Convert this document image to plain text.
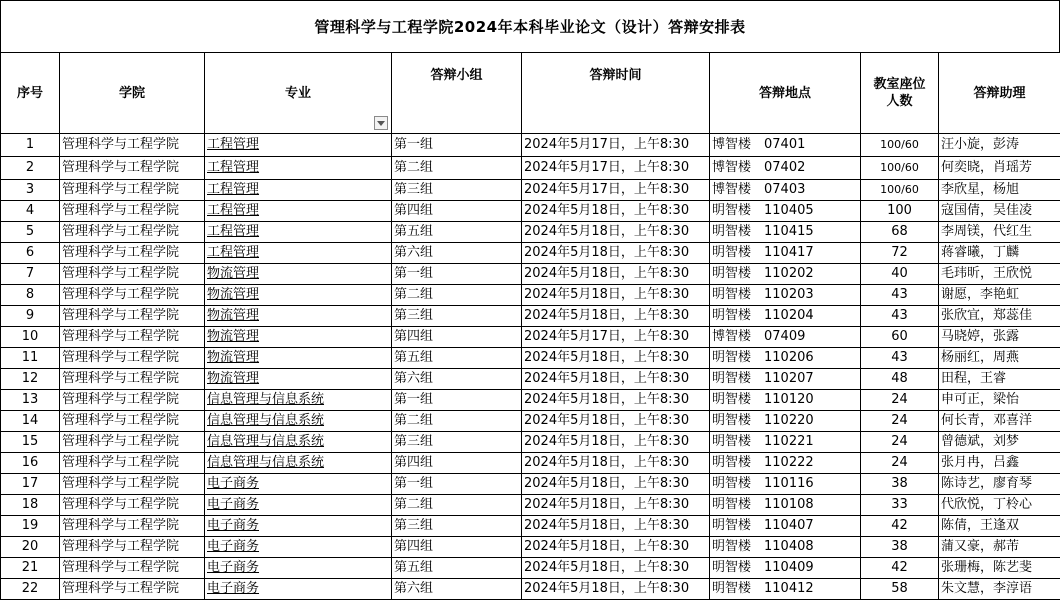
管理科学与工程学院2024年本科毕业论文（设计）答辩安排表
序号	学院	专业	答辩小组	答辩时间	答辩地点	教室座位
人数	答辩助理
1	管理科学与工程学院	工程管理	第一组	2024年5月17日，上午8:30	博智楼　07401	100/60	汪小旋，彭涛
2	管理科学与工程学院	工程管理	第二组	2024年5月17日，上午8:30	博智楼　07402	100/60	何奕晓，肖瑶芳
3	管理科学与工程学院	工程管理	第三组	2024年5月17日，上午8:30	博智楼　07403	100/60	李欣星，杨旭
4	管理科学与工程学院	工程管理	第四组	2024年5月18日，上午8:30	明智楼　110405	100	寇国倩，吴佳凌
5	管理科学与工程学院	工程管理	第五组	2024年5月18日，上午8:30	明智楼　110415	68	李周镁，代红生
6	管理科学与工程学院	工程管理	第六组	2024年5月18日，上午8:30	明智楼　110417	72	蒋睿曦，丁麟
7	管理科学与工程学院	物流管理	第一组	2024年5月18日，上午8:30	明智楼　110202	40	毛玮昕，王欣悦
8	管理科学与工程学院	物流管理	第二组	2024年5月18日，上午8:30	明智楼　110203	43	谢愿，李艳虹
9	管理科学与工程学院	物流管理	第三组	2024年5月18日，上午8:30	明智楼　110204	43	张欣宜，郑蕊佳
10	管理科学与工程学院	物流管理	第四组	2024年5月17日，上午8:30	博智楼　07409	60	马晓婷，张露
11	管理科学与工程学院	物流管理	第五组	2024年5月18日，上午8:30	明智楼　110206	43	杨丽红，周燕
12	管理科学与工程学院	物流管理	第六组	2024年5月18日，上午8:30	明智楼　110207	48	田程，王睿
13	管理科学与工程学院	信息管理与信息系统	第一组	2024年5月18日，上午8:30	明智楼　110120	24	申可正，梁怡
14	管理科学与工程学院	信息管理与信息系统	第二组	2024年5月18日，上午8:30	明智楼　110220	24	何长青，邓喜洋
15	管理科学与工程学院	信息管理与信息系统	第三组	2024年5月18日，上午8:30	明智楼　110221	24	曾德斌，刘梦
16	管理科学与工程学院	信息管理与信息系统	第四组	2024年5月18日，上午8:30	明智楼　110222	24	张月冉，吕鑫
17	管理科学与工程学院	电子商务	第一组	2024年5月18日，上午8:30	明智楼　110116	38	陈诗艺，廖育琴
18	管理科学与工程学院	电子商务	第二组	2024年5月18日，上午8:30	明智楼　110108	33	代欣悦，丁柃心
19	管理科学与工程学院	电子商务	第三组	2024年5月18日，上午8:30	明智楼　110407	42	陈倩，王逢双
20	管理科学与工程学院	电子商务	第四组	2024年5月18日，上午8:30	明智楼　110408	38	蒲又豪，郝芾
21	管理科学与工程学院	电子商务	第五组	2024年5月18日，上午8:30	明智楼　110409	42	张珊梅，陈艺斐
22	管理科学与工程学院	电子商务	第六组	2024年5月18日，上午8:30	明智楼　110412	58	朱文慧，李淳语
